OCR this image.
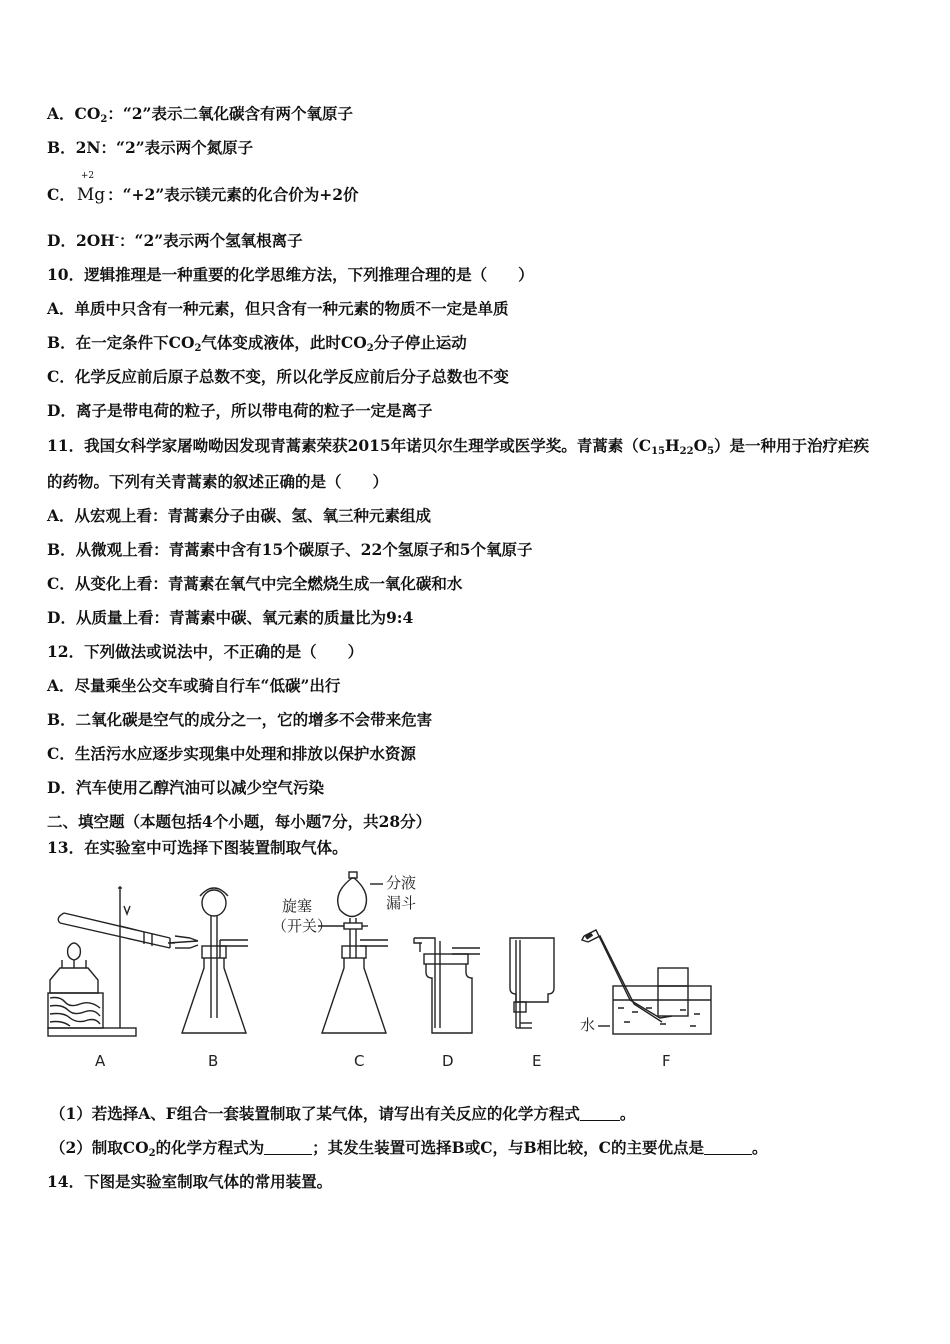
A．$CO_2$：“2”表示二氧化碳含有两个氧原子
B．2N：“2”表示两个氮原子
C．
+2
Mg ：“+2”表示镁元素的化合价为+2价
D．2OH-：“2”表示两个氢氧根离子
10．逻辑推理是一种重要的化学思维方法，下列推理合理的是（　　）
A．单质中只含有一种元素，但只含有一种元素的物质不一定是单质
B．在一定条件下$CO_2$气体变成液体，此时$CO_2$分子停止运动
C．化学反应前后原子总数不变，所以化学反应前后分子总数也不变
D．离子是带电荷的粒子，所以带电荷的粒子一定是离子
11．我国女科学家屠呦呦因发现青蒿素荣获2015年诺贝尔生理学或医学奖。青蒿素$(C_{15}H_{22}O_5)$是一种用于治疗疟疾
的药物。下列有关青蒿素的叙述正确的是（　　）
A．从宏观上看：青蒿素分子由碳、氢、氧三种元素组成
B．从微观上看：青蒿素中含有15个碳原子、22个氢原子和5个氧原子
C．从变化上看：青蒿素在氧气中完全燃烧生成一氧化碳和水
D．从质量上看：青蒿素中碳、氧元素的质量比为9:4
12．下列做法或说法中，不正确的是（　　）
A．尽量乘坐公交车或骑自行车“低碳”出行
B．二氧化碳是空气的成分之一，它的增多不会带来危害
C．生活污水应逐步实现集中处理和排放以保护水资源
D．汽车使用乙醇汽油可以减少空气污染
二、填空题（本题包括4个小题，每小题7分，共28分）
13．在实验室中可选择下图装置制取气体。
旋塞
（开关）
分液
漏斗
水
A	B	C	D	E	F
（1）若选择A、F组合一套装置制取了某气体，请写出有关反应的化学方程式	。
（2）制取$CO_2$的化学方程式为	；其发生装置可选择B或C，与B相比较，C的主要优点是	。
14．下图是实验室制取气体的常用装置。
